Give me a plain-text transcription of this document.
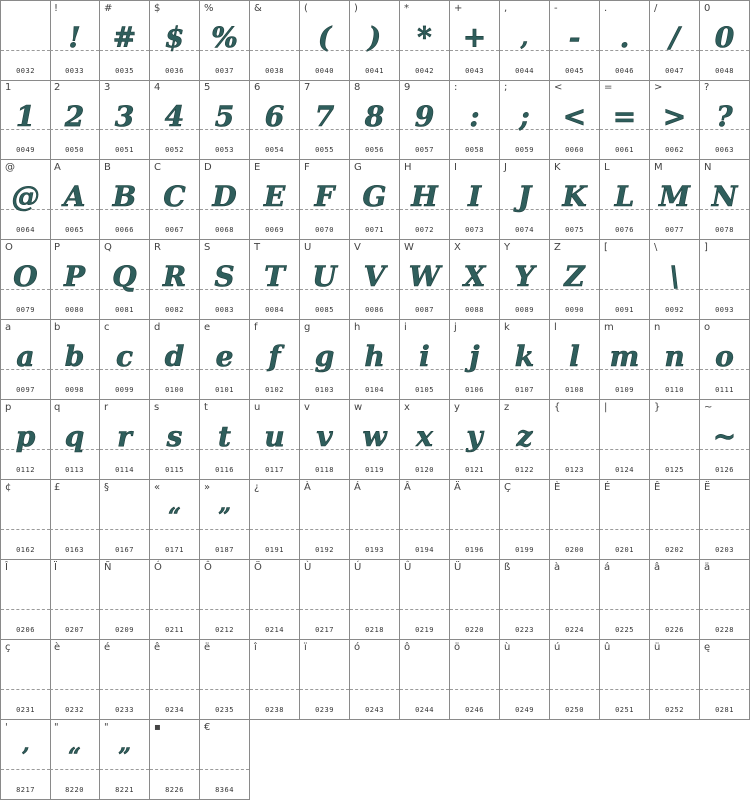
0032
!
!
0033
#
#
0035
$
$
0036
%
%
0037
&
0038
(
(
0040
)
)
0041
*
*
0042
+
+
0043
,
,
0044
-
-
0045
.
.
0046
/
/
0047
0
0
0048
1
1
0049
2
2
0050
3
3
0051
4
4
0052
5
5
0053
6
6
0054
7
7
0055
8
8
0056
9
9
0057
:
:
0058
;
;
0059
<
<
0060
=
=
0061
>
>
0062
?
?
0063
@
@
0064
A
A
0065
B
B
0066
C
C
0067
D
D
0068
E
E
0069
F
F
0070
G
G
0071
H
H
0072
I
I
0073
J
J
0074
K
K
0075
L
L
0076
M
M
0077
N
N
0078
O
O
0079
P
P
0080
Q
Q
0081
R
R
0082
S
S
0083
T
T
0084
U
U
0085
V
V
0086
W
W
0087
X
X
0088
Y
Y
0089
Z
Z
0090
[
0091
\
\
0092
]
0093
a
a
0097
b
b
0098
c
c
0099
d
d
0100
e
e
0101
f
f
0102
g
g
0103
h
h
0104
i
i
0105
j
j
0106
k
k
0107
l
l
0108
m
m
0109
n
n
0110
o
o
0111
p
p
0112
q
q
0113
r
r
0114
s
s
0115
t
t
0116
u
u
0117
v
v
0118
w
w
0119
x
x
0120
y
y
0121
z
z
0122
{
0123
|
0124
}
0125
~
~
0126
¢
0162
£
0163
§
0167
«
“
0171
»
”
0187
¿
0191
À
0192
Á
0193
Â
0194
Ä
0196
Ç
0199
È
0200
É
0201
Ê
0202
Ë
0203
Î
0206
Ï
0207
Ñ
0209
Ó
0211
Ô
0212
Ö
0214
Ù
0217
Ú
0218
Û
0219
Ü
0220
ß
0223
à
0224
á
0225
â
0226
ä
0228
ç
0231
è
0232
é
0233
ê
0234
ë
0235
î
0238
ï
0239
ó
0243
ô
0244
ö
0246
ù
0249
ú
0250
û
0251
ü
0252
ę
0281
'
’
8217
"
“
8220
"
”
8221
▪
8226
€
8364
